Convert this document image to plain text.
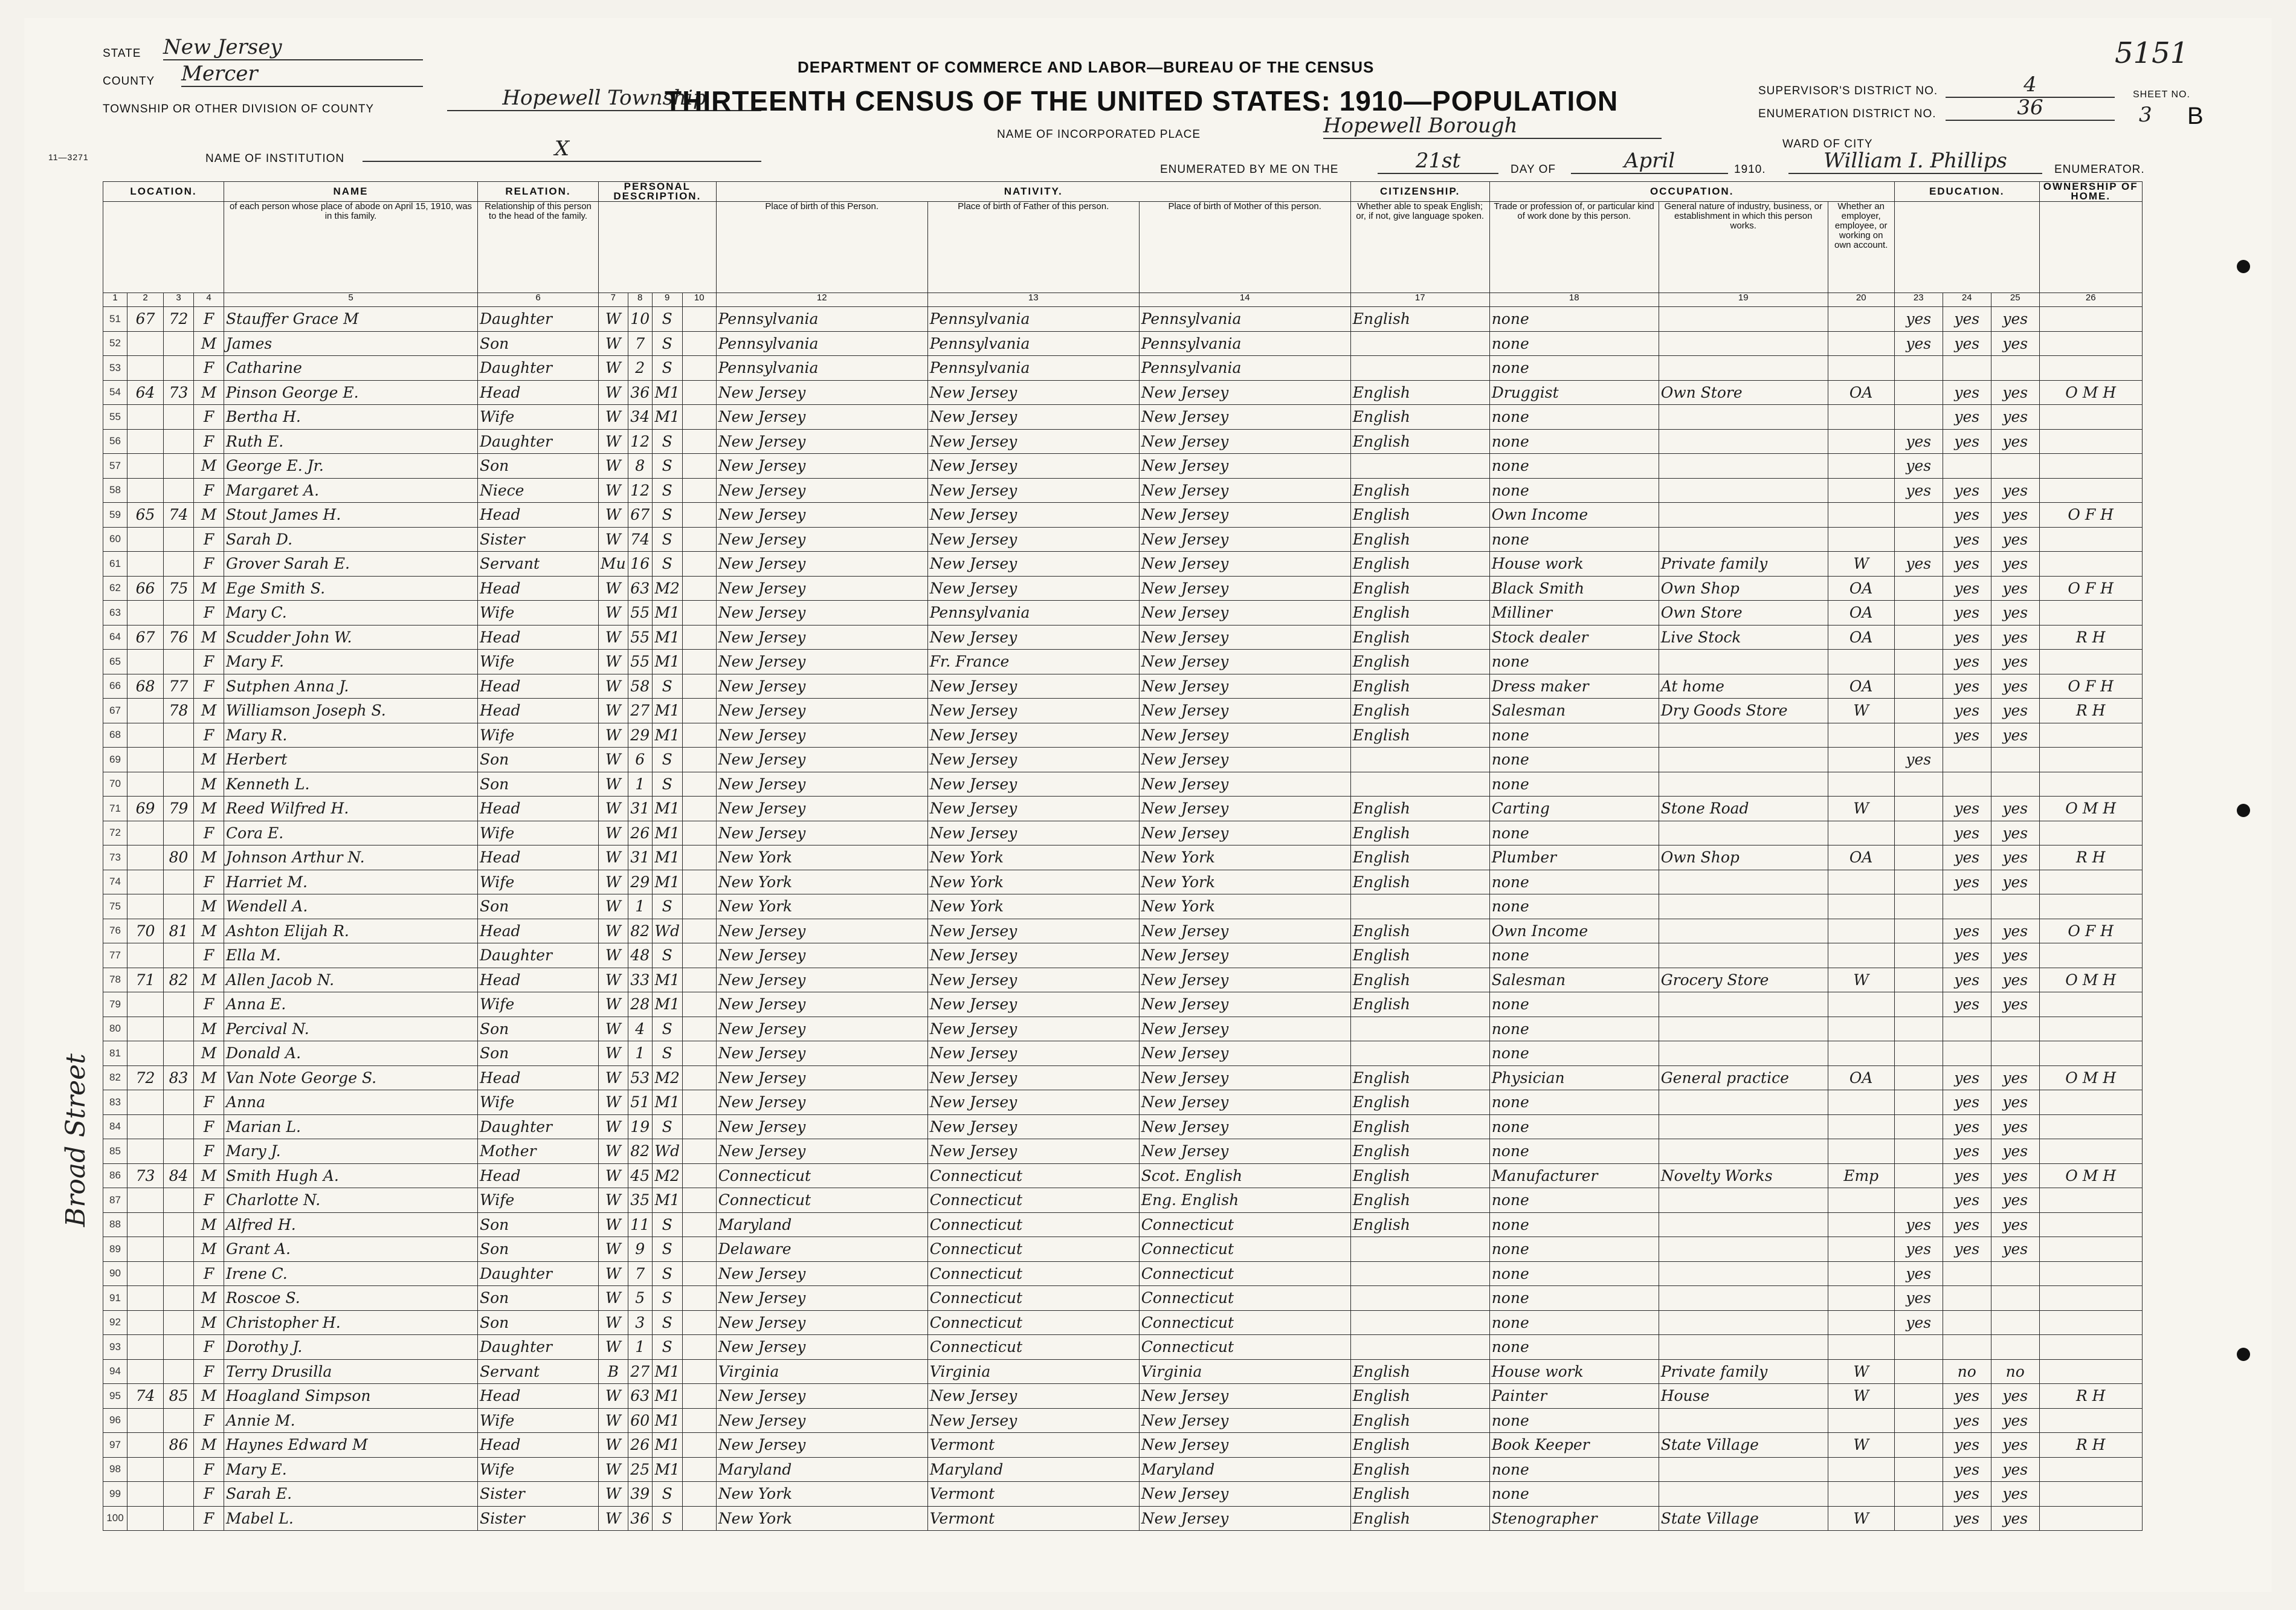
STATE New Jersey
COUNTY Mercer
TOWNSHIP OR OTHER DIVISION OF COUNTY	Hopewell Township
11—3271	NAME OF INSTITUTION	X
DEPARTMENT OF COMMERCE AND LABOR—BUREAU OF THE CENSUS
THIRTEENTH CENSUS OF THE UNITED STATES: 1910—POPULATION
NAME OF INCORPORATED PLACE	Hopewell Borough
ENUMERATED BY ME ON THE	21st	DAY OF	April	1910.	William I. Phillips	ENUMERATOR.
SUPERVISOR'S DISTRICT NO.	4
ENUMERATION DISTRICT NO.	36
WARD OF CITY
SHEET NO.
3 B
5151
Broad Street
LOCATION.				NAME	RELATION.	PERSONAL DESCRIPTION.				NATIVITY.			CITIZENSHIP.	OCCUPATION.			EDUCATION.			OWNERSHIP OF HOME.
				of each person whose place of abode on April 15, 1910, was in this family.	Relationship of this person to the head of the family.					Place of birth of this Person.	Place of birth of Father of this person.	Place of birth of Mother of this person.	Whether able to speak English; or, if not, give language spoken.	Trade or profession of, or particular kind of work done by this person.	General nature of industry, business, or establishment in which this person works.	Whether an employer, employee, or working on own account.				
1	2	3	4	5	6	7	8	9	10	12	13	14	17	18	19	20	23	24	25	26
51	67	72	F	Stauffer Grace M	Daughter	W	10	S		Pennsylvania	Pennsylvania	Pennsylvania	English	none			yes	yes	yes	
52			M	James	Son	W	7	S		Pennsylvania	Pennsylvania	Pennsylvania		none			yes	yes	yes	
53			F	Catharine	Daughter	W	2	S		Pennsylvania	Pennsylvania	Pennsylvania		none						
54	64	73	M	Pinson George E.	Head	W	36	M1		New Jersey	New Jersey	New Jersey	English	Druggist	Own Store	OA		yes	yes	O M H
55			F	Bertha H.	Wife	W	34	M1		New Jersey	New Jersey	New Jersey	English	none				yes	yes	
56			F	Ruth E.	Daughter	W	12	S		New Jersey	New Jersey	New Jersey	English	none			yes	yes	yes	
57			M	George E. Jr.	Son	W	8	S		New Jersey	New Jersey	New Jersey		none			yes			
58			F	Margaret A.	Niece	W	12	S		New Jersey	New Jersey	New Jersey	English	none			yes	yes	yes	
59	65	74	M	Stout James H.	Head	W	67	S		New Jersey	New Jersey	New Jersey	English	Own Income				yes	yes	O F H
60			F	Sarah D.	Sister	W	74	S		New Jersey	New Jersey	New Jersey	English	none				yes	yes	
61			F	Grover Sarah E.	Servant	Mu	16	S		New Jersey	New Jersey	New Jersey	English	House work	Private family	W	yes	yes	yes	
62	66	75	M	Ege Smith S.	Head	W	63	M2		New Jersey	New Jersey	New Jersey	English	Black Smith	Own Shop	OA		yes	yes	O F H
63			F	Mary C.	Wife	W	55	M1		New Jersey	Pennsylvania	New Jersey	English	Milliner	Own Store	OA		yes	yes	
64	67	76	M	Scudder John W.	Head	W	55	M1		New Jersey	New Jersey	New Jersey	English	Stock dealer	Live Stock	OA		yes	yes	R H
65			F	Mary F.	Wife	W	55	M1		New Jersey	Fr. France	New Jersey	English	none				yes	yes	
66	68	77	F	Sutphen Anna J.	Head	W	58	S		New Jersey	New Jersey	New Jersey	English	Dress maker	At home	OA		yes	yes	O F H
67		78	M	Williamson Joseph S.	Head	W	27	M1		New Jersey	New Jersey	New Jersey	English	Salesman	Dry Goods Store	W		yes	yes	R H
68			F	Mary R.	Wife	W	29	M1		New Jersey	New Jersey	New Jersey	English	none				yes	yes	
69			M	Herbert	Son	W	6	S		New Jersey	New Jersey	New Jersey		none			yes			
70			M	Kenneth L.	Son	W	1	S		New Jersey	New Jersey	New Jersey		none						
71	69	79	M	Reed Wilfred H.	Head	W	31	M1		New Jersey	New Jersey	New Jersey	English	Carting	Stone Road	W		yes	yes	O M H
72			F	Cora E.	Wife	W	26	M1		New Jersey	New Jersey	New Jersey	English	none				yes	yes	
73		80	M	Johnson Arthur N.	Head	W	31	M1		New York	New York	New York	English	Plumber	Own Shop	OA		yes	yes	R H
74			F	Harriet M.	Wife	W	29	M1		New York	New York	New York	English	none				yes	yes	
75			M	Wendell A.	Son	W	1	S		New York	New York	New York		none						
76	70	81	M	Ashton Elijah R.	Head	W	82	Wd		New Jersey	New Jersey	New Jersey	English	Own Income				yes	yes	O F H
77			F	Ella M.	Daughter	W	48	S		New Jersey	New Jersey	New Jersey	English	none				yes	yes	
78	71	82	M	Allen Jacob N.	Head	W	33	M1		New Jersey	New Jersey	New Jersey	English	Salesman	Grocery Store	W		yes	yes	O M H
79			F	Anna E.	Wife	W	28	M1		New Jersey	New Jersey	New Jersey	English	none				yes	yes	
80			M	Percival N.	Son	W	4	S		New Jersey	New Jersey	New Jersey		none						
81			M	Donald A.	Son	W	1	S		New Jersey	New Jersey	New Jersey		none						
82	72	83	M	Van Note George S.	Head	W	53	M2		New Jersey	New Jersey	New Jersey	English	Physician	General practice	OA		yes	yes	O M H
83			F	Anna	Wife	W	51	M1		New Jersey	New Jersey	New Jersey	English	none				yes	yes	
84			F	Marian L.	Daughter	W	19	S		New Jersey	New Jersey	New Jersey	English	none				yes	yes	
85			F	Mary J.	Mother	W	82	Wd		New Jersey	New Jersey	New Jersey	English	none				yes	yes	
86	73	84	M	Smith Hugh A.	Head	W	45	M2		Connecticut	Connecticut	Scot. English	English	Manufacturer	Novelty Works	Emp		yes	yes	O M H
87			F	Charlotte N.	Wife	W	35	M1		Connecticut	Connecticut	Eng. English	English	none				yes	yes	
88			M	Alfred H.	Son	W	11	S		Maryland	Connecticut	Connecticut	English	none			yes	yes	yes	
89			M	Grant A.	Son	W	9	S		Delaware	Connecticut	Connecticut		none			yes	yes	yes	
90			F	Irene C.	Daughter	W	7	S		New Jersey	Connecticut	Connecticut		none			yes			
91			M	Roscoe S.	Son	W	5	S		New Jersey	Connecticut	Connecticut		none			yes			
92			M	Christopher H.	Son	W	3	S		New Jersey	Connecticut	Connecticut		none			yes			
93			F	Dorothy J.	Daughter	W	1	S		New Jersey	Connecticut	Connecticut		none						
94			F	Terry Drusilla	Servant	B	27	M1		Virginia	Virginia	Virginia	English	House work	Private family	W		no	no	
95	74	85	M	Hoagland Simpson	Head	W	63	M1		New Jersey	New Jersey	New Jersey	English	Painter	House	W		yes	yes	R H
96			F	Annie M.	Wife	W	60	M1		New Jersey	New Jersey	New Jersey	English	none				yes	yes	
97		86	M	Haynes Edward M	Head	W	26	M1		New Jersey	Vermont	New Jersey	English	Book Keeper	State Village	W		yes	yes	R H
98			F	Mary E.	Wife	W	25	M1		Maryland	Maryland	Maryland	English	none				yes	yes	
99			F	Sarah E.	Sister	W	39	S		New York	Vermont	New Jersey	English	none				yes	yes	
100			F	Mabel L.	Sister	W	36	S		New York	Vermont	New Jersey	English	Stenographer	State Village	W		yes	yes	
